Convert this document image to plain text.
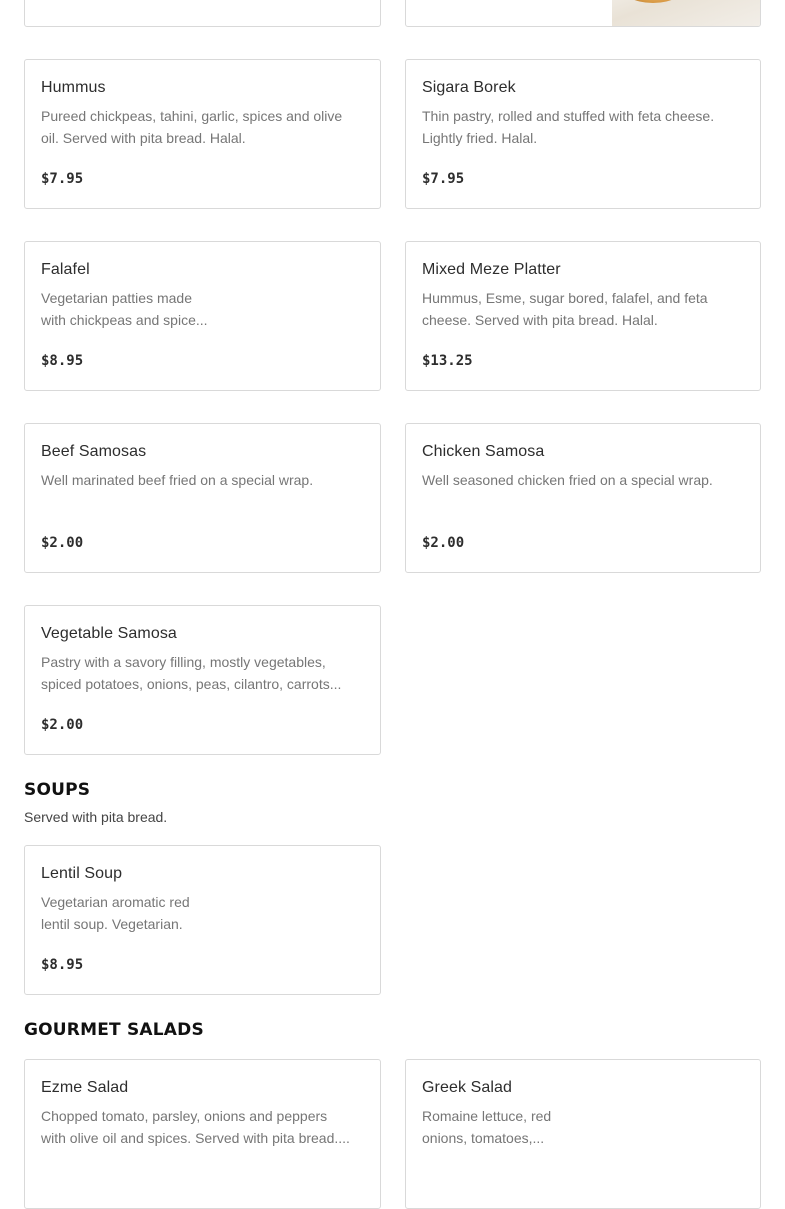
Hummus
Pureed chickpeas, tahini, garlic, spices and olive
oil. Served with pita bread. Halal.
$7.95
Sigara Borek
Thin pastry, rolled and stuffed with feta cheese.
Lightly fried. Halal.
$7.95
Falafel
Vegetarian patties made
with chickpeas and spice...
$8.95
Mixed Meze Platter
Hummus, Esme, sugar bored, falafel, and feta
cheese. Served with pita bread. Halal.
$13.25
Beef Samosas
Well marinated beef fried on a special wrap.
$2.00
Chicken Samosa
Well seasoned chicken fried on a special wrap.
$2.00
Vegetable Samosa
Pastry with a savory filling, mostly vegetables,
spiced potatoes, onions, peas, cilantro, carrots...
$2.00
SOUPS
Served with pita bread.
Lentil Soup
Vegetarian aromatic red
lentil soup. Vegetarian.
$8.95
GOURMET SALADS
Ezme Salad
Chopped tomato, parsley, onions and peppers
with olive oil and spices. Served with pita bread....
Greek Salad
Romaine lettuce, red
onions, tomatoes,...
